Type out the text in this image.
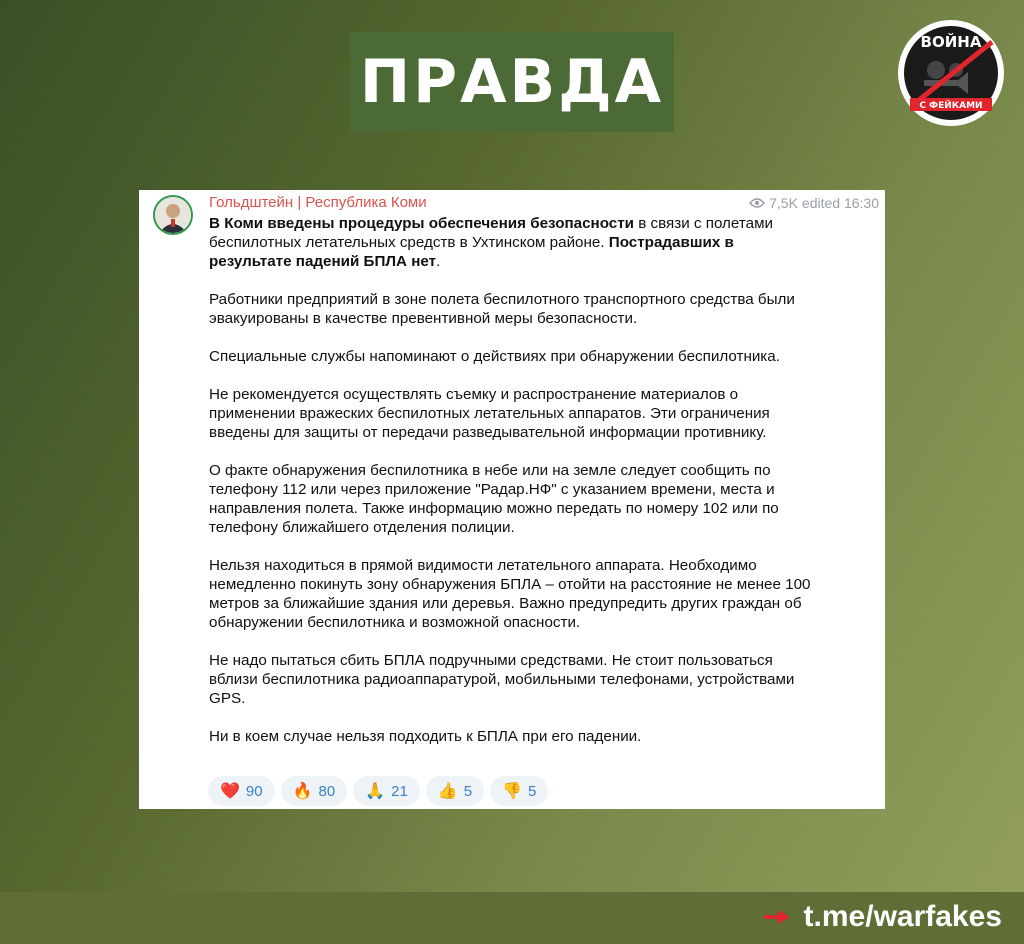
ПРАВДА
ВОЙНА
С ФЕЙКАМИ
Гольдштейн | Республика Коми	7,5K edited 16:30

В Коми введены процедуры обеспечения безопасности в связи с полетами беспилотных летательных средств в Ухтинском районе. Пострадавших в результате падений БПЛА нет.

Работники предприятий в зоне полета беспилотного транспортного средства были эвакуированы в качестве превентивной меры безопасности.

Специальные службы напоминают о действиях при обнаружении беспилотника.

Не рекомендуется осуществлять съемку и распространение материалов о применении вражеских беспилотных летательных аппаратов. Эти ограничения введены для защиты от передачи разведывательной информации противнику.

О факте обнаружения беспилотника в небе или на земле следует сообщить по телефону 112 или через приложение "Радар.НФ" с указанием времени, места и направления полета. Также информацию можно передать по номеру 102 или по телефону ближайшего отделения полиции.

Нельзя находиться в прямой видимости летательного аппарата. Необходимо немедленно покинуть зону обнаружения БПЛА – отойти на расстояние не менее 100 метров за ближайшие здания или деревья. Важно предупредить других граждан об обнаружении беспилотника и возможной опасности.

Не надо пытаться сбить БПЛА подручными средствами. Не стоит пользоваться вблизи беспилотника радиоаппаратурой, мобильными телефонами, устройствами GPS.

Ни в коем случае нельзя подходить к БПЛА при его падении.

❤️ 90 🔥 80 🙏 21 👍 5 👎 5
t.me/warfakes
